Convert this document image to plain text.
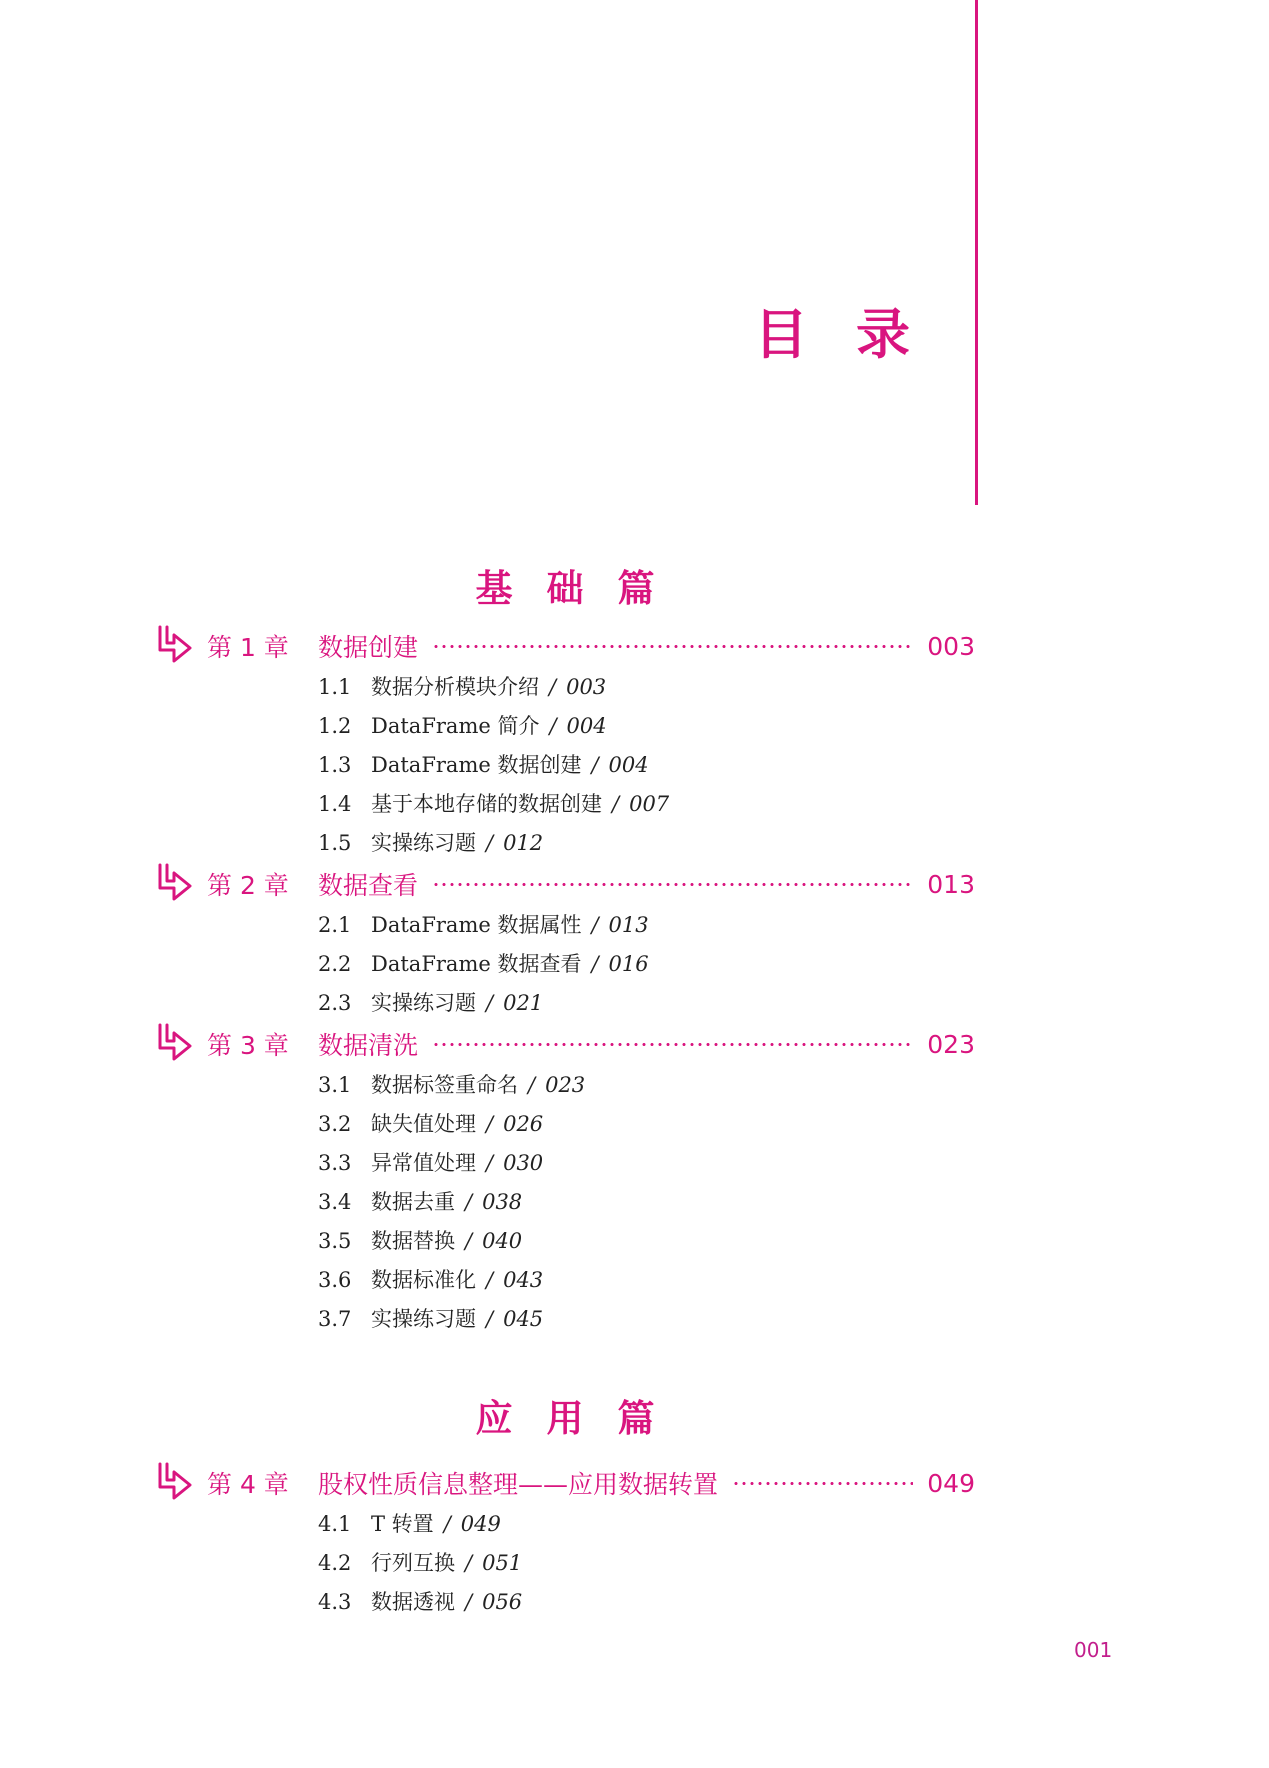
目录
基础篇
第 1 章	数据创建	003
1.1 数据分析模块介绍 / 003
1.2 DataFrame 简介 / 004
1.3 DataFrame 数据创建 / 004
1.4 基于本地存储的数据创建 / 007
1.5 实操练习题 / 012
第 2 章	数据查看	013
2.1 DataFrame 数据属性 / 013
2.2 DataFrame 数据查看 / 016
2.3 实操练习题 / 021
第 3 章	数据清洗	023
3.1 数据标签重命名 / 023
3.2 缺失值处理 / 026
3.3 异常值处理 / 030
3.4 数据去重 / 038
3.5 数据替换 / 040
3.6 数据标准化 / 043
3.7 实操练习题 / 045
应用篇
第 4 章	股权性质信息整理——应用数据转置	049
4.1 T 转置 / 049
4.2 行列互换 / 051
4.3 数据透视 / 056
001
